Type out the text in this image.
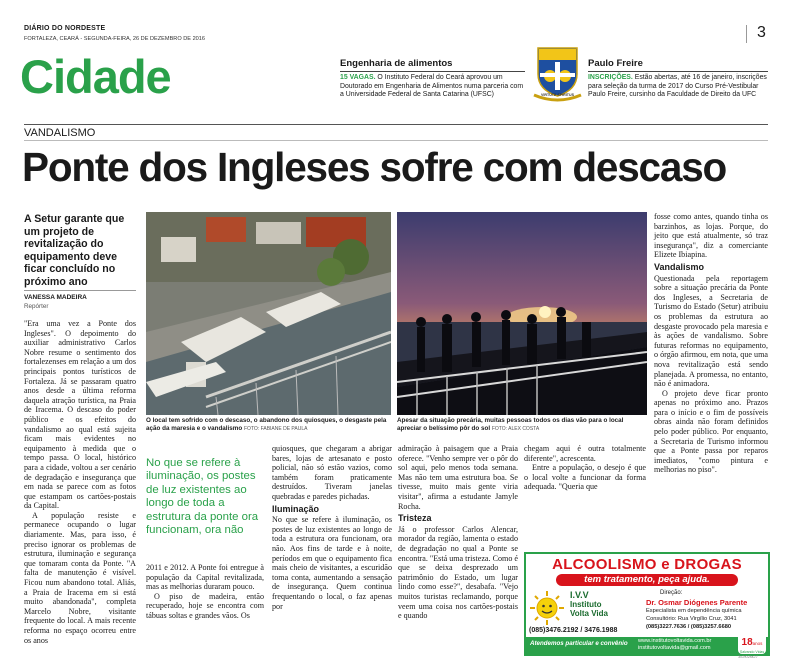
DIÁRIO DO NORDESTE
FORTALEZA, CEARÁ - SEGUNDA-FEIRA, 26 DE DEZEMBRO DE 2016	3
Cidade	Engenharia de alimentos
15 VAGAS. O Instituto Federal do Ceará aprovou um Doutorado em Engenharia de Alimentos numa parceria com a Universidade Federal de Santa Catarina (UFSC)	VIRTUTE SPIRITUS
Paulo Freire
INSCRIÇÕES. Estão abertas, até 16 de janeiro, inscrições para seleção da turma de 2017 do Curso Pré-Vestibular Paulo Freire, cursinho da Faculdade de Direito da UFC
VANDALISMO
Ponte dos Ingleses sofre com descaso
A Setur garante que um projeto de revitalização do equipamento deve ficar concluído no próximo ano
VANESSA MADEIRA
Repórter

"Era uma vez a Ponte dos Ingleses". O depoimento do auxiliar administrativo Carlos Nobre resume o sentimento dos fortalezenses em relação a um dos principais pontos turísticos de Fortaleza. Já se passaram quatro anos desde a última reforma daquela atração turística, na Praia de Iracema. O descaso do poder público e os efeitos do vandalismo ao qual está sujeita ficam mais evidentes no equipamento à medida que o tempo passa. O local, histórico para a cidade, voltou a ser cenário de degradação e insegurança que em nada se parece com as fotos que estampam os cartões-postais da Capital.

A população resiste e permanece ocupando o lugar diariamente. Mas, para isso, é preciso ignorar os problemas de estrutura, iluminação e segurança que tomaram conta da Ponte. "A falta de manutenção é visível. Ficou num abandono total. Aliás, a Praia de Iracema em si está muito abandonada", completa Marcelo Nobre, visitante frequente do local. A mais recente reforma no espaço ocorreu entre os anos

O local tem sofrido com o descaso, o abandono dos quiosques, o desgaste pela ação da maresia e o vandalismo FOTO: FABIANE DE PAULA
Apesar da situação precária, muitas pessoas todos os dias vão para o local apreciar o belíssimo pôr do sol FOTO: ALEX COSTA
No que se refere à iluminação, os postes de luz existentes ao longo de toda a estrutura da ponte ora funcionam, ora não

2011 e 2012. A Ponte foi entregue à população da Capital revitalizada, mas as melhorias duraram pouco.

O piso de madeira, então recuperado, hoje se encontra com tábuas soltas e grandes vãos. Os

quiosques, que chegaram a abrigar bares, lojas de artesanato e posto policial, não só estão vazios, como também foram praticamente destruídos. Tiveram janelas quebradas e paredes pichadas.

Iluminação

No que se refere à iluminação, os postes de luz existentes ao longo de toda a estrutura ora funcionam, ora não. Aos fins de tarde e à noite, períodos em que o equipamento fica mais cheio de visitantes, a escuridão toma conta, aumentando a sensação de insegurança. Quem continua frequentando o local, o faz apenas por

admiração à paisagem que a Praia oferece. "Venho sempre ver o pôr do sol aqui, pelo menos toda semana. Mas não tem uma estrutura boa. Se tivesse, muito mais gente viria visitar", afirma a estudante Jamyle Rocha.

Tristeza

Já o professor Carlos Alencar, morador da região, lamenta o estado de degradação no qual a Ponte se encontra. "Está uma tristeza. Como é que se deixa desprezado um patrimônio do Estado, um lugar lindo como esse?", desabafa. "Vejo muitos turistas reclamando, porque veem uma coisa nos cartões-postais e quando

chegam aqui é outra totalmente diferente", acrescenta.

Entre a população, o desejo é que o local volte a funcionar da forma adequada. "Queria que

fosse como antes, quando tinha os barzinhos, as lojas. Porque, do jeito que está atualmente, só traz insegurança", diz a comerciante Elizete Ibiapina.

Vandalismo

Questionada pela reportagem sobre a situação precária da Ponte dos Ingleses, a Secretaria de Turismo do Estado (Setur) atribuiu os problemas da estrutura ao desgaste provocado pela maresia e às ações de vandalismo. Sobre futuras reformas no equipamento, o órgão afirmou, em nota, que uma nova revitalização está sendo planejada. A promessa, no entanto, não é animadora.

O projeto deve ficar pronto apenas no próximo ano. Prazos para o início e o fim de possíveis obras ainda não foram definidos pelo poder público. Por enquanto, a Secretaria de Turismo informou que a Ponte passa por reparos imediatos, "como pintura e melhorias no piso".

ALCOOLISMO e DROGAS
tem tratamento, peça ajuda.
I.V.V
Instituto
Volta Vida
(085)3476.2192 / 3476.1988
Direção:
Dr. Osmar Diógenes Parente
Especialista em dependência química
Consultório: Rua Virgílio Cruz, 3041
(085)3227.7636 / (085)3257.6680
Atendemos particular e convênio www.institutovoltavida.com.br
institutovoltavida@gmail.com	18anos
Salvando Vidas
3c2f02fa27
